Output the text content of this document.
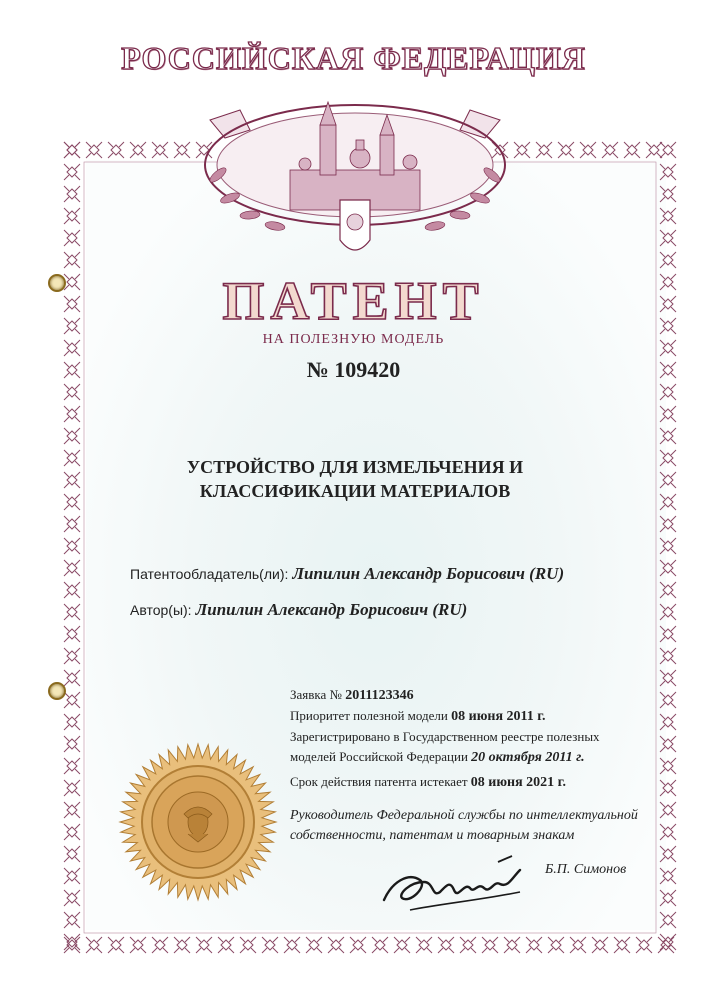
РОССИЙСКАЯ ФЕДЕРАЦИЯ
ПАТЕНТ
НА ПОЛЕЗНУЮ МОДЕЛЬ
№ 109420
УСТРОЙСТВО ДЛЯ ИЗМЕЛЬЧЕНИЯ И
КЛАССИФИКАЦИИ МАТЕРИАЛОВ
Патентообладатель(ли): Липилин Александр Борисович (RU)
Автор(ы): Липилин Александр Борисович (RU)
Заявка № 2011123346
Приоритет полезной модели 08 июня 2011 г.
Зарегистрировано в Государственном реестре полезных
моделей Российской Федерации 20 октября 2011 г.
Срок действия патента истекает 08 июня 2021 г.
Руководитель Федеральной службы по интеллектуальной
собственности, патентам и товарным знакам
Б.П. Симонов
